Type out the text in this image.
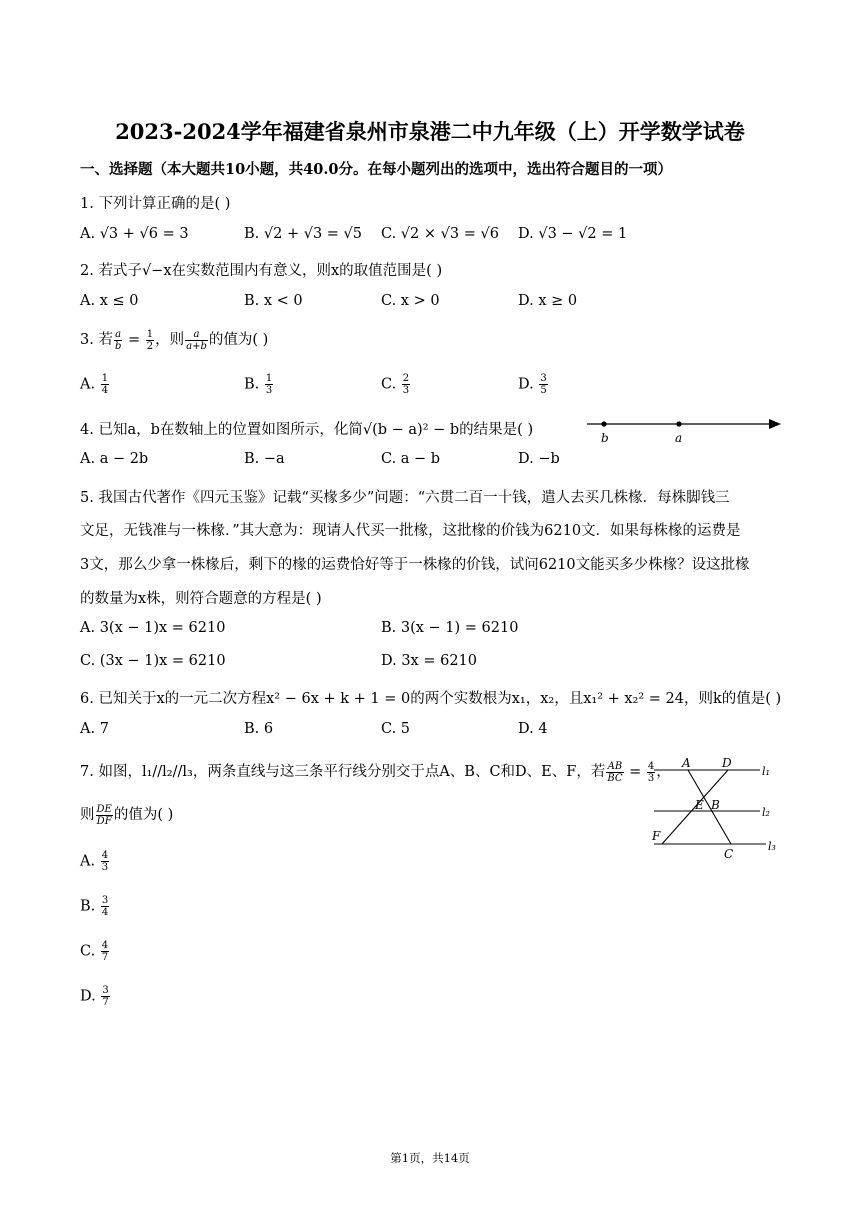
2023-2024学年福建省泉州市泉港二中九年级（上）开学数学试卷
一、选择题（本大题共10小题，共40.0分。在每小题列出的选项中，选出符合题目的一项）
1. 下列计算正确的是( )
A. √3 + √6 = 3	B. √2 + √3 = √5 C. √2 × √3 = √6 D. √3 − √2 = 1
2. 若式子√−x在实数范围内有意义，则x的取值范围是( )
A. x ≤ 0	B. x < 0	C. x > 0	D. x ≥ 0
3. 若 $\frac{a}{b} = \frac{1}{2}$ ，则 $\frac{a}{a+b}$ 的值为( )
A. $\frac{1}{4}$	B. $\frac{1}{3}$	C. $\frac{2}{3}$	D. $\frac{3}{5}$
4. 已知a，b在数轴上的位置如图所示，化简√(b − a)² − b的结果是( )	b	a
A. a − 2b	B. −a	C. a − b	D. −b
5. 我国古代著作《四元玉鉴》记载“买椽多少”问题：“六贯二百一十钱，遣人去买几株椽．每株脚钱三
文足，无钱准与一株椽．”其大意为：现请人代买一批椽，这批椽的价钱为6210文．如果每株椽的运费是
3文，那么少拿一株椽后，剩下的椽的运费恰好等于一株椽的价钱，试问6210文能买多少株椽？设这批椽
的数量为x株，则符合题意的方程是( )
A. 3(x − 1)x = 6210	B. 3(x − 1) = 6210
C. (3x − 1)x = 6210	D. 3x = 6210
6. 已知关于x的一元二次方程x² − 6x + k + 1 = 0的两个实数根为x₁，x₂，且x₁² + x₂² = 24，则k的值是( )
A. 7	B. 6	C. 5	D. 4
7. 如图，l₁//l₂//l₃，两条直线与这三条平行线分别交于点A、B、C和D、E、F，若 $\frac{AB}{BC} = \frac{4}{3}$ ，
则 $\frac{DE}{DF}$ 的值为( )
A. $\frac{4}{3}$
B. $\frac{3}{4}$
C. $\frac{4}{7}$
D. $\frac{3}{7}$
A	D
l₁
E B
l₂
F
C
l₃
第1页，共14页
